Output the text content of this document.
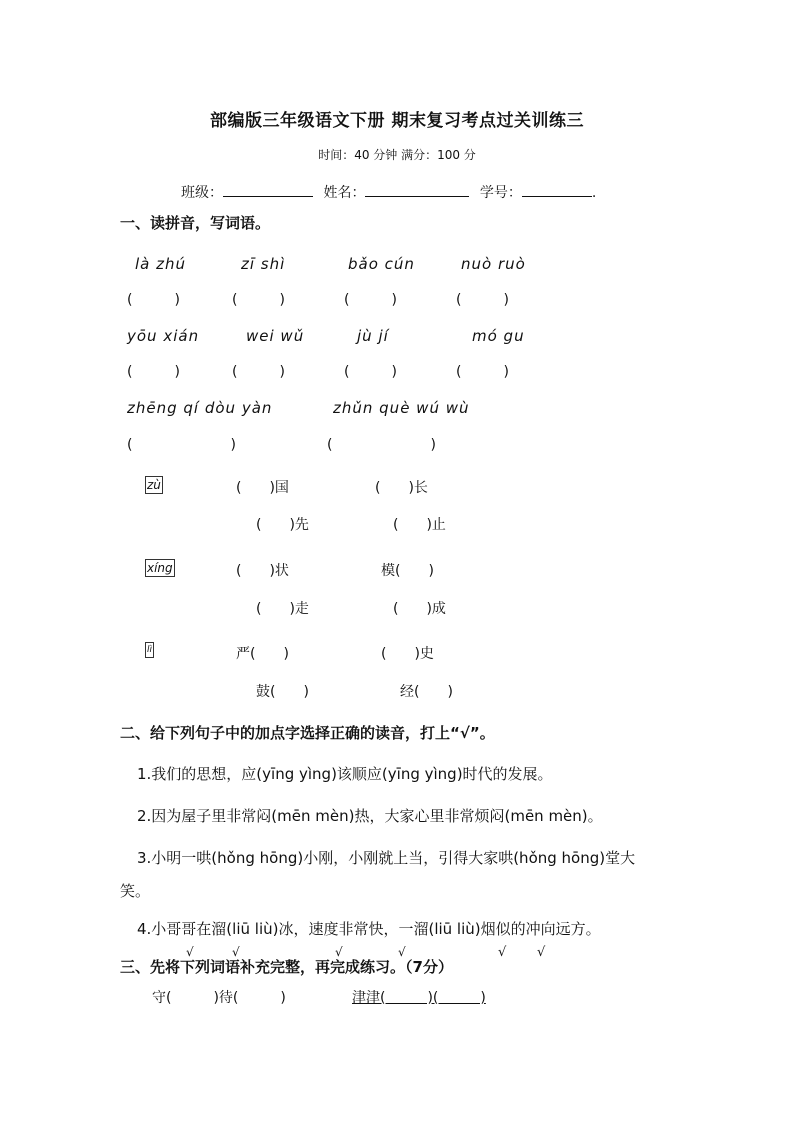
部编版三年级语文下册 期末复习考点过关训练三
时间：40 分钟 满分：100 分
班级：	姓名：	学号：	.
一、读拼音，写词语。
là zhú	zī shì	bǎo cún	nuò ruò
(　　　)	(　　　)	(　　　)	(　　　)
yōu xián	wei wǔ	jù jí	mó gu
(　　　)	(　　　)	(　　　)	(　　　)
zhēng qí dòu yàn	zhǔn què wú wù
(　　　　　　　)	(　　　　　　　)
zù	(　　)国	(　　)长
(　　)先	(　　)止
xíng	(　　)状	模(　　)
(　　)走	(　　)成
lì	严(　　)	(　　)史
鼓(　　)	经(　　)
二、给下列句子中的加点字选择正确的读音，打上“√”。
1.我们的思想，应(yīng yìng)该顺应(yīng yìng)时代的发展。
2.因为屋子里非常闷(mēn mèn)热，大家心里非常烦闷(mēn mèn)。
3.小明一哄(hǒng hōng)小刚，小刚就上当，引得大家哄(hǒng hōng)堂大
笑。
4.小哥哥在溜(liū liù)冰，速度非常快，一溜(liū liù)烟似的冲向远方。
三、先将下列词语补充完整，再完成练习。（7分）
√	√	√	√	√ √
守(　　　)待(　　　)	津津(　　　)(　　　)
